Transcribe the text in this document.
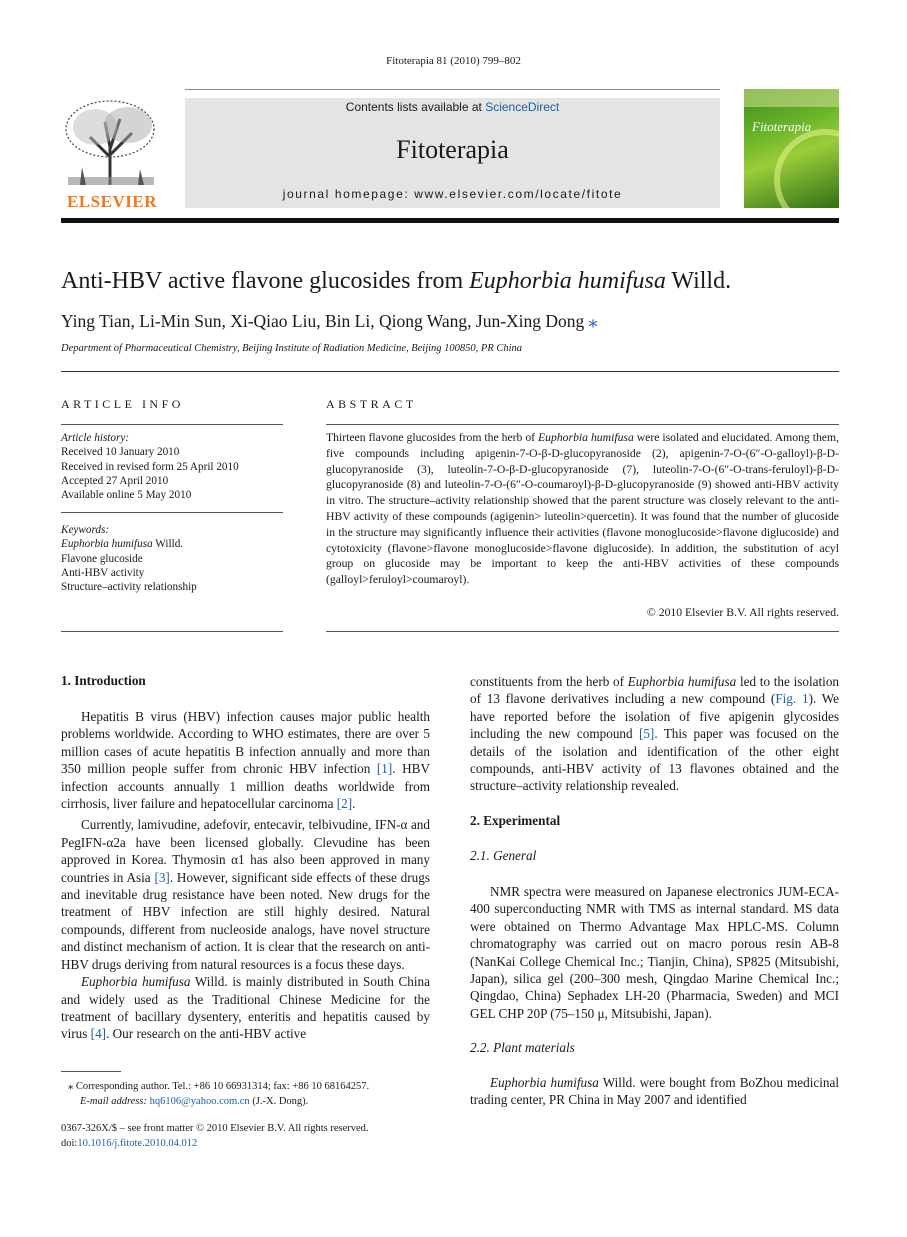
Fitoterapia 81 (2010) 799–802
ELSEVIER
Contents lists available at ScienceDirect
Fitoterapia
journal homepage: www.elsevier.com/locate/fitote
Fitoterapia
Anti-HBV active flavone glucosides from Euphorbia humifusa Willd.
Ying Tian, Li-Min Sun, Xi-Qiao Liu, Bin Li, Qiong Wang, Jun-Xing Dong ⁎
Department of Pharmaceutical Chemistry, Beijing Institute of Radiation Medicine, Beijing 100850, PR China
ARTICLE INFO
Article history:
Received 10 January 2010
Received in revised form 25 April 2010
Accepted 27 April 2010
Available online 5 May 2010
Keywords:
Euphorbia humifusa Willd.
Flavone glucoside
Anti-HBV activity
Structure–activity relationship
ABSTRACT
Thirteen flavone glucosides from the herb of Euphorbia humifusa were isolated and elucidated. Among them, five compounds including apigenin-7-O-β-D-glucopyranoside (2), apigenin-7-O-(6″-O-galloyl)-β-D-glucopyranoside (3), luteolin-7-O-β-D-glucopyranoside (7), luteolin-7-O-(6″-O-trans-feruloyl)-β-D-glucopyranoside (8) and luteolin-7-O-(6″-O-coumaroyl)-β-D-glucopyranoside (9) showed anti-HBV activity in vitro. The structure–activity relationship showed that the parent structure was closely relevant to the anti-HBV activity of these compounds (agigenin> luteolin>quercetin). It was found that the number of glucoside in the structure may significantly influence their activities (flavone monoglucoside>flavone diglucoside) and cytotoxicity (flavone>flavone monoglucoside>flavone diglucoside). In addition, the substitution of acyl group on glucoside may be important to keep the anti-HBV activities of these compounds (galloyl>feruloyl>coumaroyl).
© 2010 Elsevier B.V. All rights reserved.
1. Introduction

Hepatitis B virus (HBV) infection causes major public health problems worldwide. According to WHO estimates, there are over 5 million cases of acute hepatitis B infection annually and more than 350 million people suffer from chronic HBV infection [1]. HBV infection accounts annually 1 million deaths worldwide from cirrhosis, liver failure and hepatocellular carcinoma [2].

Currently, lamivudine, adefovir, entecavir, telbivudine, IFN-α and PegIFN-α2a have been licensed globally. Clevudine has been approved in Korea. Thymosin α1 has also been approved in many countries in Asia [3]. However, significant side effects of these drugs and inevitable drug resistance have been noted. New drugs for the treatment of HBV infection are still highly desired. Natural compounds, different from nucleoside analogs, have novel structure and distinct mechanism of action. It is clear that the research on anti-HBV drugs deriving from natural resources is a focus these days.

Euphorbia humifusa Willd. is mainly distributed in South China and widely used as the Traditional Chinese Medicine for the treatment of bacillary dysentery, enteritis and hepatitis caused by virus [4]. Our research on the anti-HBV active

⁎ Corresponding author. Tel.: +86 10 66931314; fax: +86 10 68164257.
E-mail address: hq6106@yahoo.com.cn (J.-X. Dong).
0367-326X/$ – see front matter © 2010 Elsevier B.V. All rights reserved.
doi:10.1016/j.fitote.2010.04.012

constituents from the herb of Euphorbia humifusa led to the isolation of 13 flavone derivatives including a new compound (Fig. 1). We have reported before the isolation of five apigenin glycosides including the new compound [5]. This paper was focused on the details of the isolation and identification of the other eight compounds, anti-HBV activity of 13 flavones obtained and the structure–activity relationship revealed.

2. Experimental
2.1. General

NMR spectra were measured on Japanese electronics JUM-ECA-400 superconducting NMR with TMS as internal standard. MS data were obtained on Thermo Advantage Max HPLC-MS. Column chromatography was carried out on macro porous resin AB-8 (NanKai College Chemical Inc.; Tianjin, China), SP825 (Mitsubishi, Japan), silica gel (200–300 mesh, Qingdao Marine Chemical Inc.; Qingdao, China) Sephadex LH-20 (Pharmacia, Sweden) and MCI GEL CHP 20P (75–150 μ, Mitsubishi, Japan).

2.2. Plant materials

Euphorbia humifusa Willd. were bought from BoZhou medicinal trading center, PR China in May 2007 and identified
